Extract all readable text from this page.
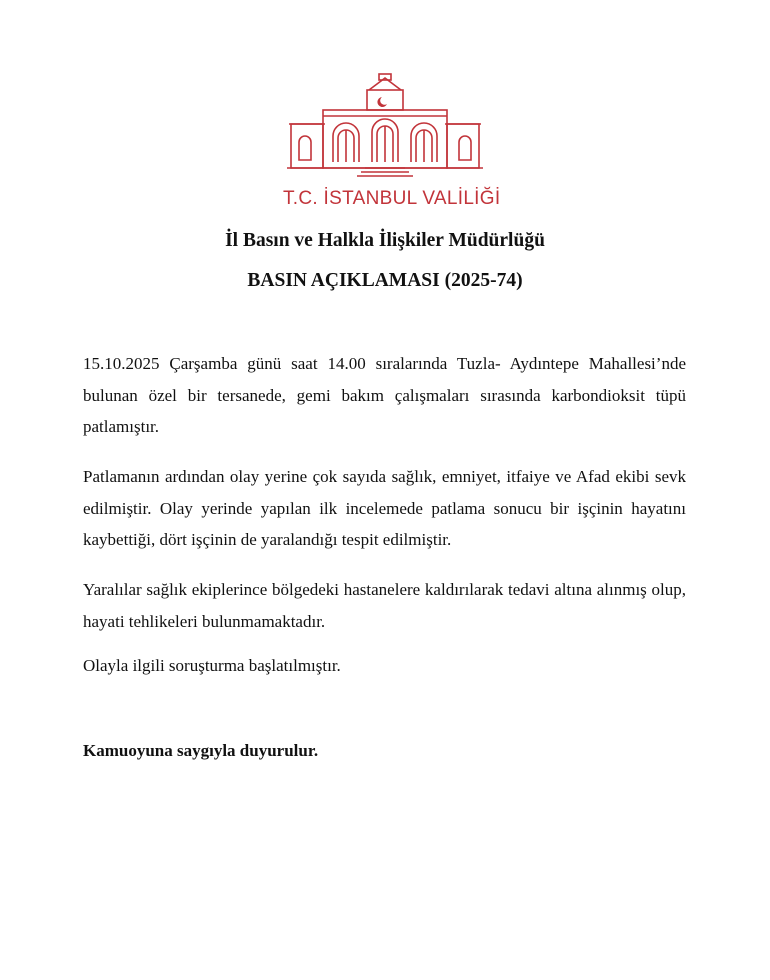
T.C. İSTANBUL VALİLİĞİ
İl Basın ve Halkla İlişkiler Müdürlüğü
BASIN AÇIKLAMASI (2025-74)

15.10.2025 Çarşamba günü saat 14.00 sıralarında Tuzla- Aydıntepe Mahallesi’nde bulunan özel bir tersanede, gemi bakım çalışmaları sırasında karbondioksit tüpü patlamıştır.

Patlamanın ardından olay yerine çok sayıda sağlık, emniyet, itfaiye ve Afad ekibi sevk edilmiştir. Olay yerinde yapılan ilk incelemede patlama sonucu bir işçinin hayatını kaybettiği, dört işçinin de yaralandığı tespit edilmiştir.

Yaralılar sağlık ekiplerince bölgedeki hastanelere kaldırılarak tedavi altına alınmış olup, hayati tehlikeleri bulunmamaktadır.

Olayla ilgili soruşturma başlatılmıştır.

Kamuoyuna saygıyla duyurulur.
